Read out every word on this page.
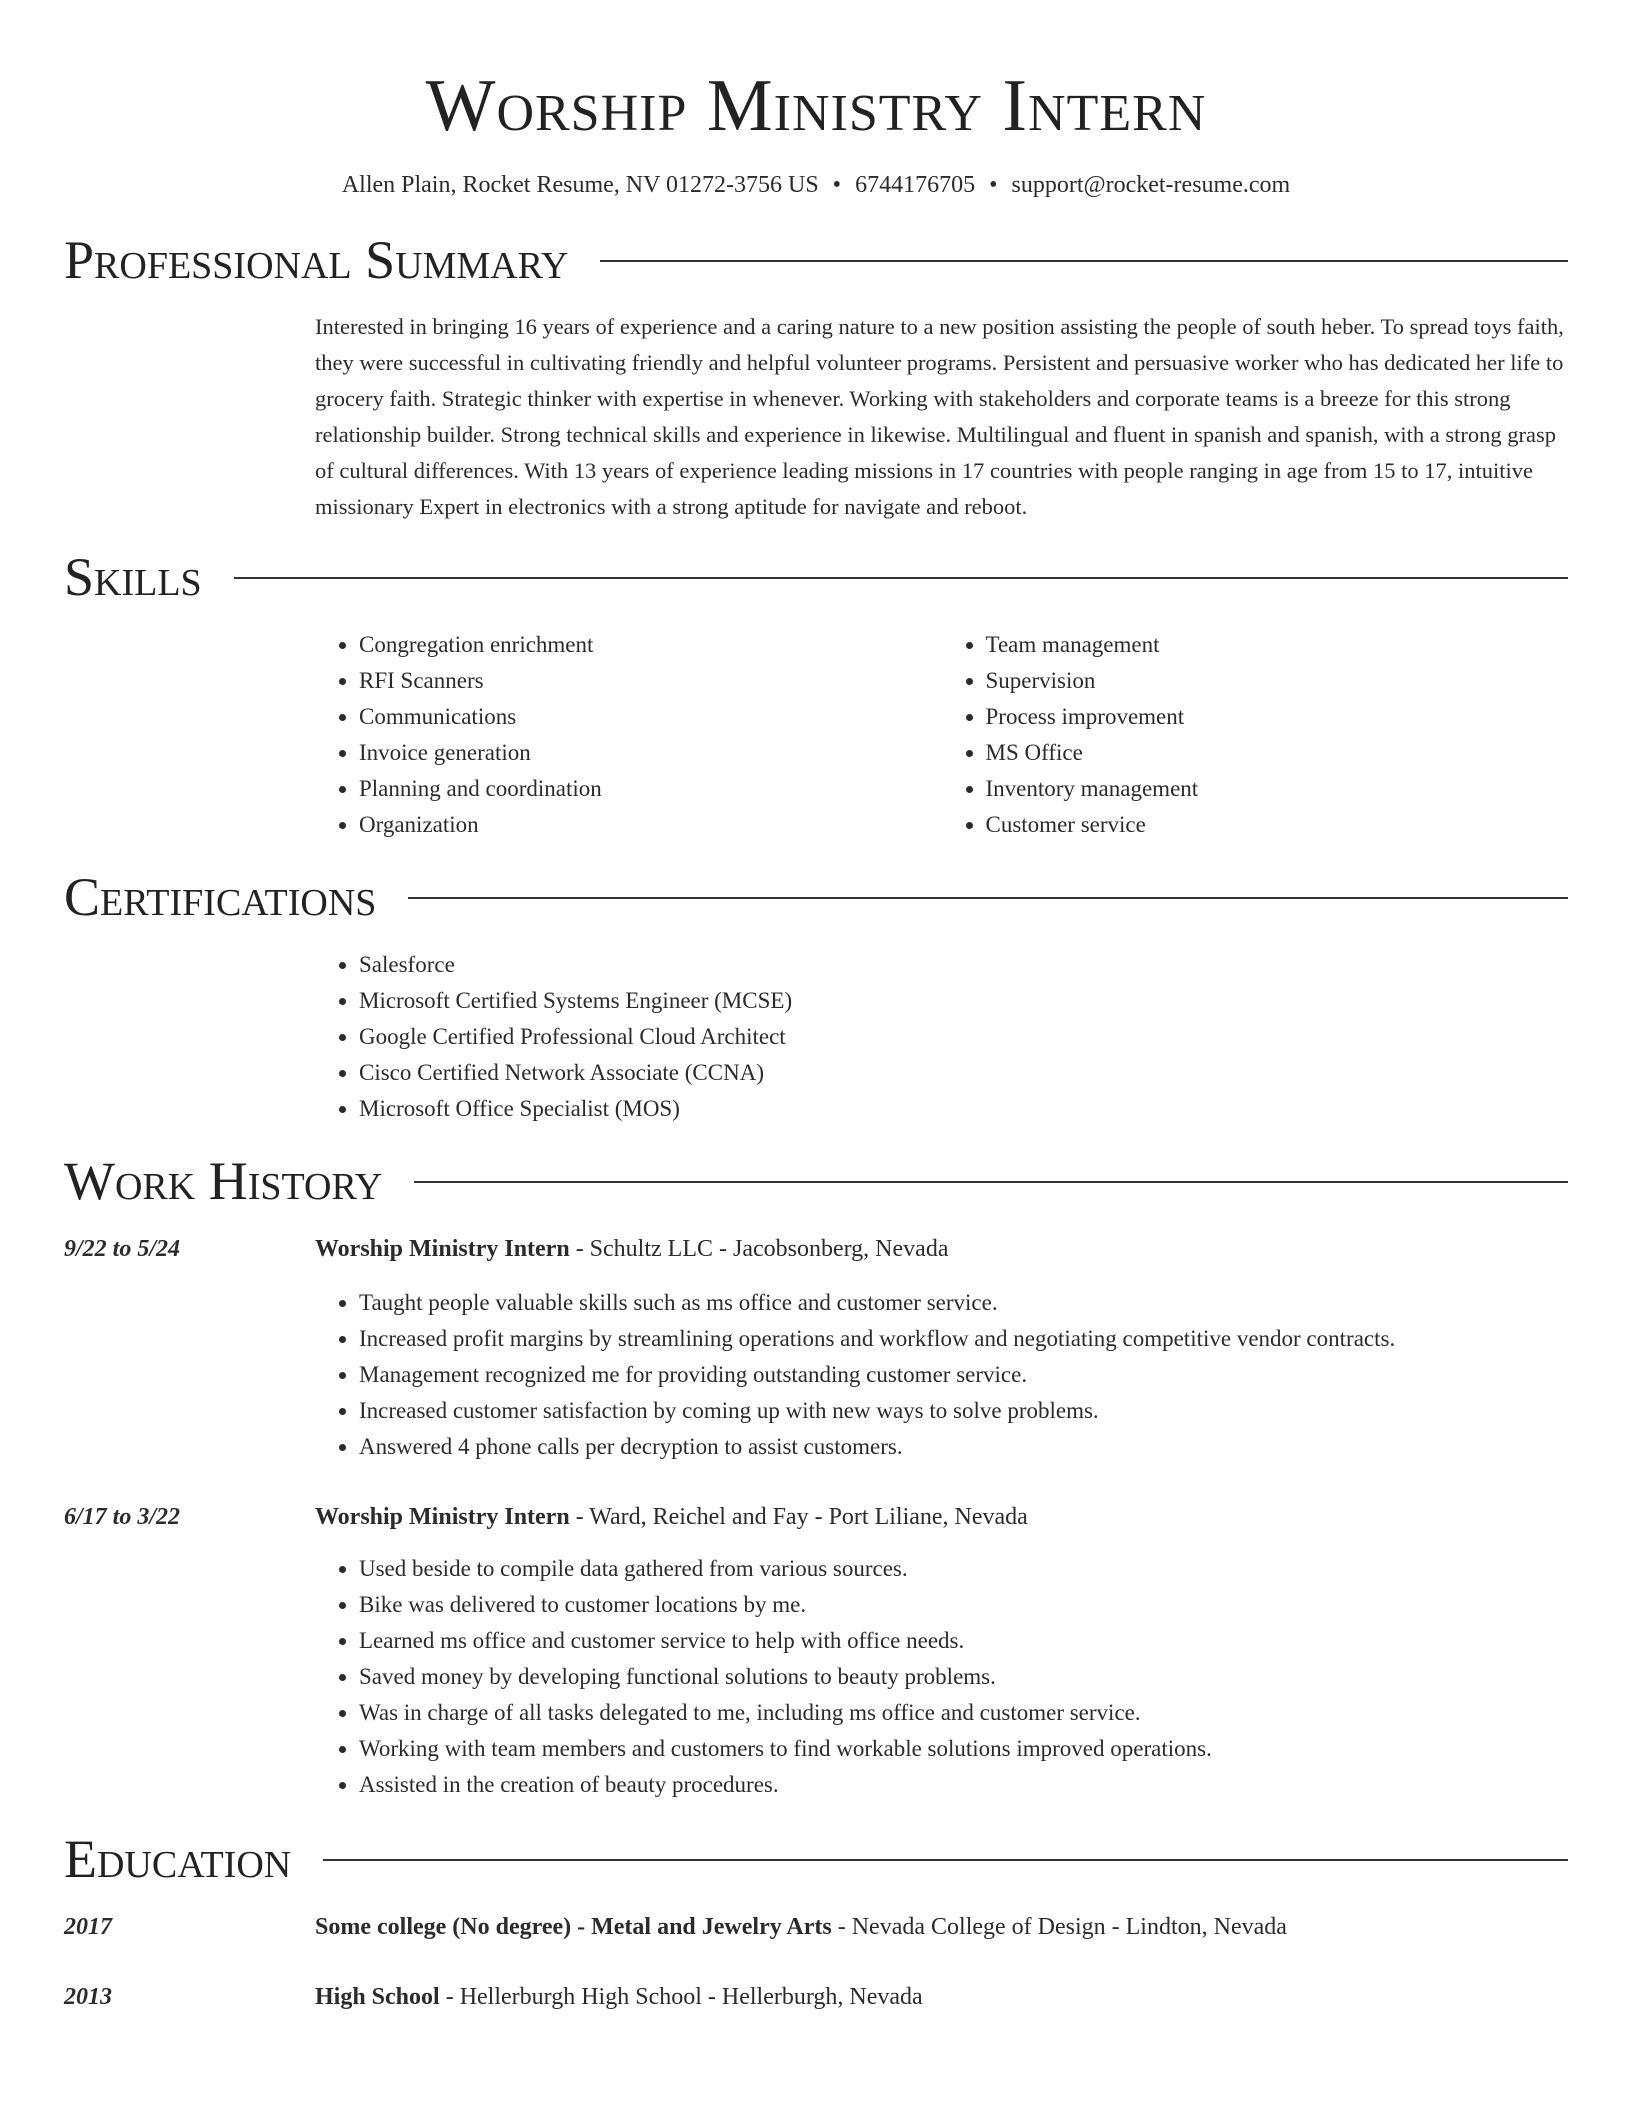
Worship Ministry Intern
Allen Plain, Rocket Resume, NV 01272-3756 US • 6744176705 • support@rocket-resume.com
Professional Summary

Interested in bringing 16 years of experience and a caring nature to a new position assisting the people of south heber. To spread toys faith, they were successful in cultivating friendly and helpful volunteer programs. Persistent and persuasive worker who has dedicated her life to grocery faith. Strategic thinker with expertise in whenever. Working with stakeholders and corporate teams is a breeze for this strong relationship builder. Strong technical skills and experience in likewise. Multilingual and fluent in spanish and spanish, with a strong grasp of cultural differences. With 13 years of experience leading missions in 17 countries with people ranging in age from 15 to 17, intuitive missionary Expert in electronics with a strong aptitude for navigate and reboot.

Skills
• Congregation enrichment
• RFI Scanners
• Communications
• Invoice generation
• Planning and coordination
• Organization
• Team management
• Supervision
• Process improvement
• MS Office
• Inventory management
• Customer service
Certifications
• Salesforce
• Microsoft Certified Systems Engineer (MCSE)
• Google Certified Professional Cloud Architect
• Cisco Certified Network Associate (CCNA)
• Microsoft Office Specialist (MOS)
Work History
9/22 to 5/24	Worship Ministry Intern - Schultz LLC - Jacobsonberg, Nevada
• Taught people valuable skills such as ms office and customer service.
• Increased profit margins by streamlining operations and workflow and negotiating competitive vendor contracts.
• Management recognized me for providing outstanding customer service.
• Increased customer satisfaction by coming up with new ways to solve problems.
• Answered 4 phone calls per decryption to assist customers.
6/17 to 3/22	Worship Ministry Intern - Ward, Reichel and Fay - Port Liliane, Nevada
• Used beside to compile data gathered from various sources.
• Bike was delivered to customer locations by me.
• Learned ms office and customer service to help with office needs.
• Saved money by developing functional solutions to beauty problems.
• Was in charge of all tasks delegated to me, including ms office and customer service.
• Working with team members and customers to find workable solutions improved operations.
• Assisted in the creation of beauty procedures.
Education
2017	Some college (No degree) - Metal and Jewelry Arts - Nevada College of Design - Lindton, Nevada
2013	High School - Hellerburgh High School - Hellerburgh, Nevada
